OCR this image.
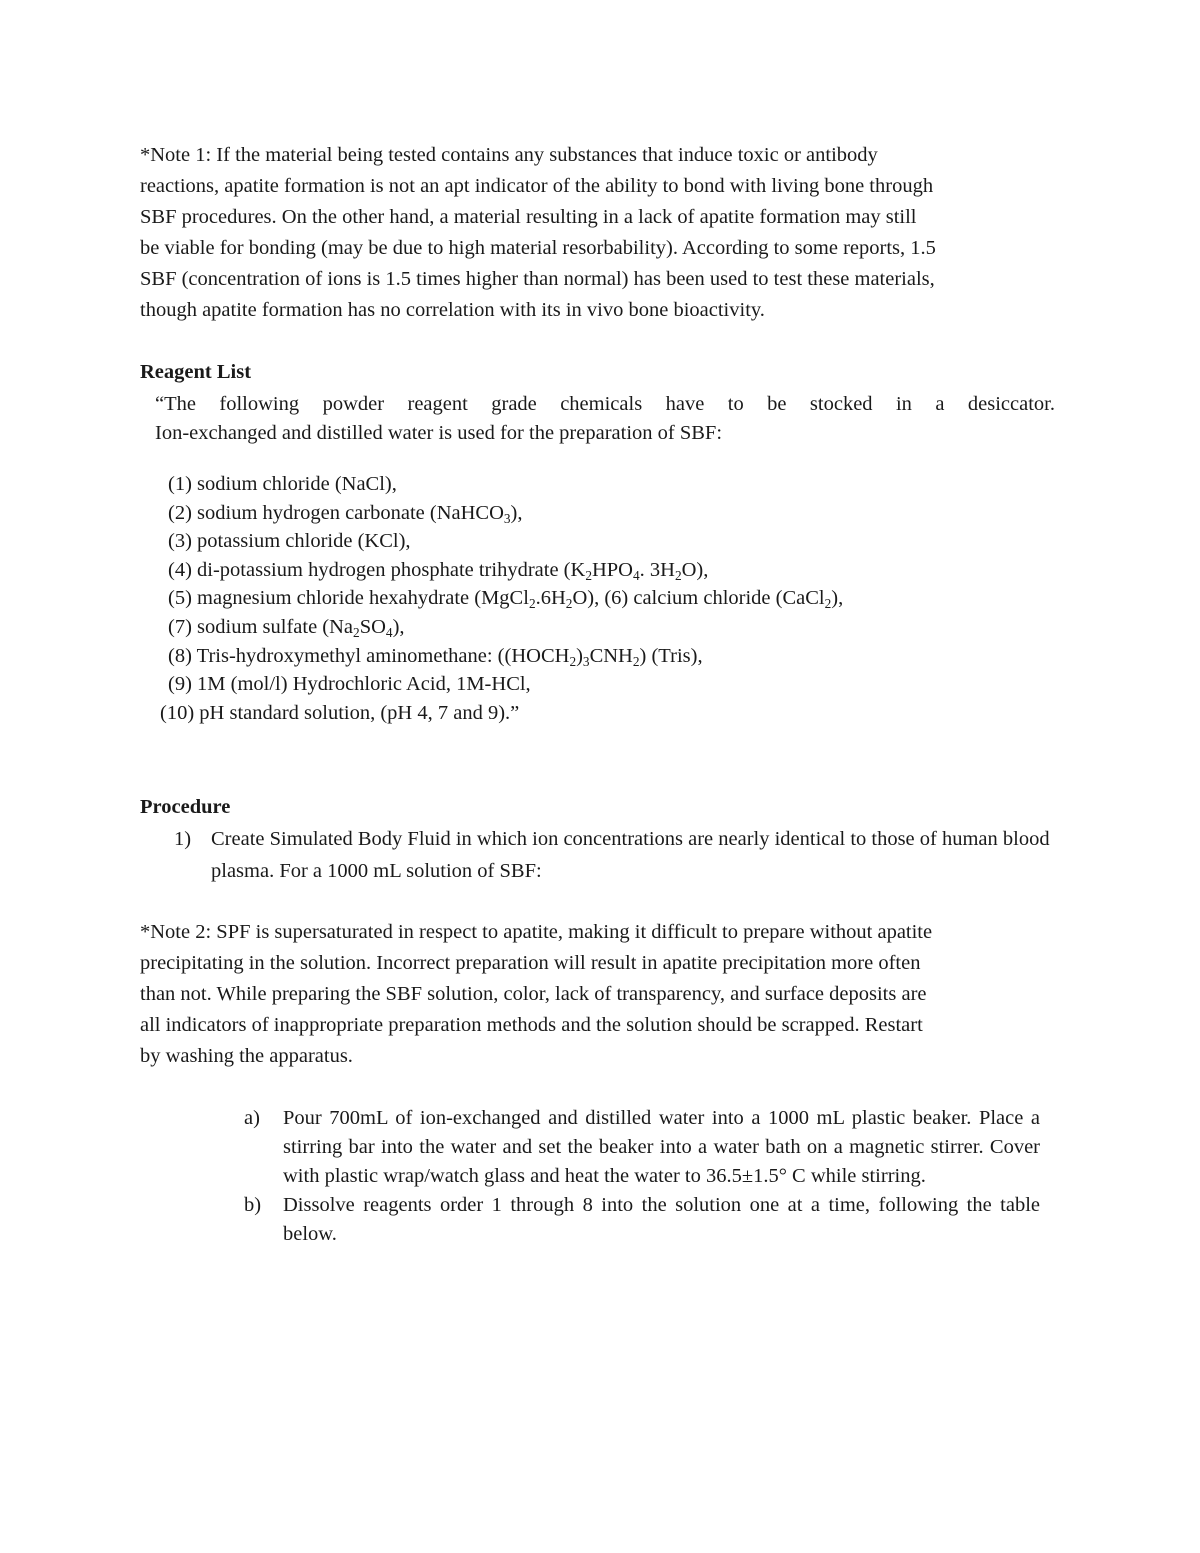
*Note 1: If the material being tested contains any substances that induce toxic or antibody
reactions, apatite formation is not an apt indicator of the ability to bond with living bone through
SBF procedures. On the other hand, a material resulting in a lack of apatite formation may still
be viable for bonding (may be due to high material resorbability). According to some reports, 1.5
SBF (concentration of ions is 1.5 times higher than normal) has been used to test these materials,
though apatite formation has no correlation with its in vivo bone bioactivity.
Reagent List
“The following powder reagent grade chemicals have to be stocked in a desiccator.
Ion-exchanged and distilled water is used for the preparation of SBF:
(1) sodium chloride (NaCl),
(2) sodium hydrogen carbonate (NaHCO$_3$),
(3) potassium chloride (KCl),
(4) di-potassium hydrogen phosphate trihydrate ($K_2HPO_4$. $3H_2O$),
(5) magnesium chloride hexahydrate $(MgCl_2.6H_2O)$, (6) calcium chloride (CaCl$_2$),
(7) sodium sulfate $(Na_2SO_4)$,
(8) Tris-hydroxymethyl aminomethane: $((HOCH_2)_3CNH_2)$ (Tris),
(9) 1M (mol/l) Hydrochloric Acid, 1M-HCl,
(10) pH standard solution, (pH 4, 7 and 9).”
Procedure
1) Create Simulated Body Fluid in which ion concentrations are nearly identical to those of human blood plasma. For a 1000 mL solution of SBF:
*Note 2: SPF is supersaturated in respect to apatite, making it difficult to prepare without apatite
precipitating in the solution. Incorrect preparation will result in apatite precipitation more often
than not. While preparing the SBF solution, color, lack of transparency, and surface deposits are
all indicators of inappropriate preparation methods and the solution should be scrapped. Restart
by washing the apparatus.
a) Pour 700mL of ion-exchanged and distilled water into a 1000 mL plastic beaker. Place a stirring bar into the water and set the beaker into a water bath on a magnetic stirrer. Cover with plastic wrap/watch glass and heat the water to 36.5±1.5° C while stirring.
b) Dissolve reagents order 1 through 8 into the solution one at a time, following the table below.
